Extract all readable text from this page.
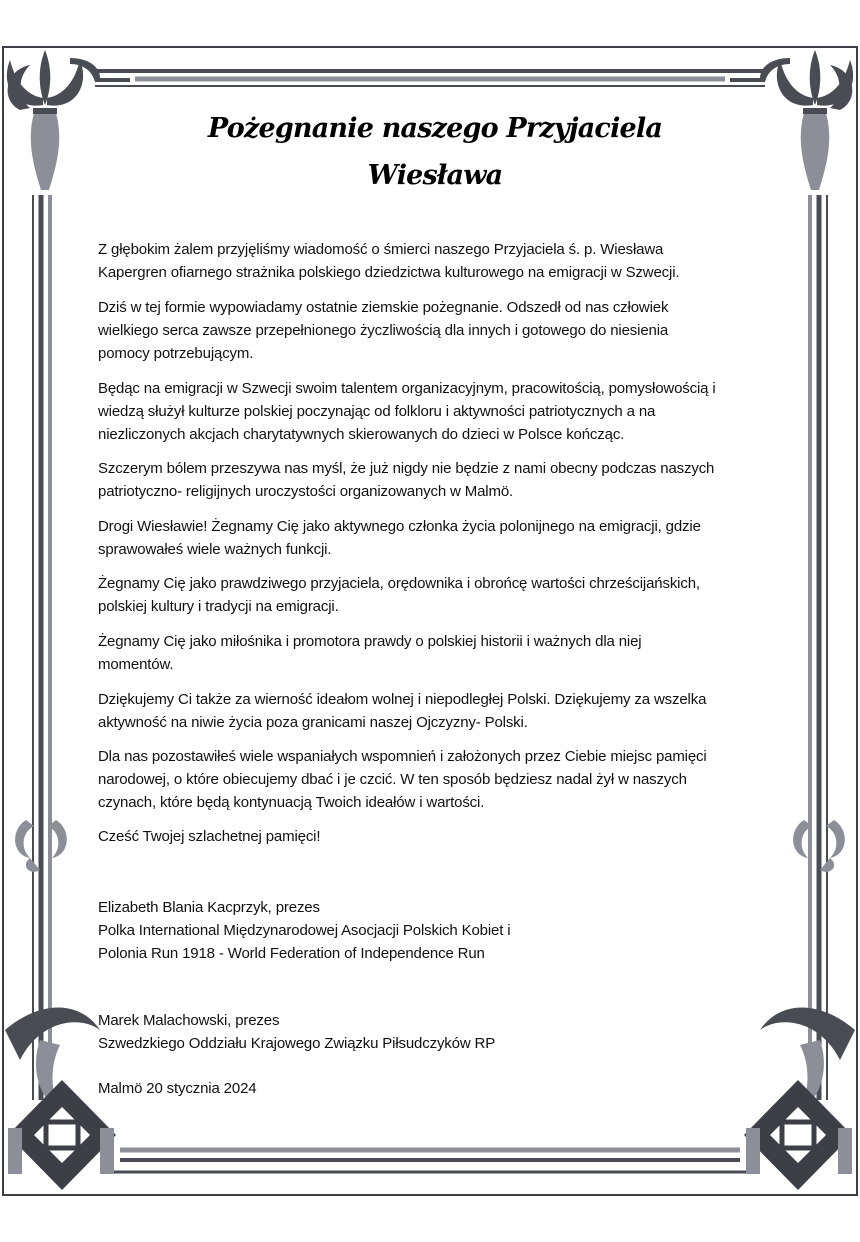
Pożegnanie naszego Przyjaciela
Wiesława
Z głębokim żalem przyjęliśmy wiadomość o śmierci naszego Przyjaciela ś. p. Wiesława
Kapergren ofiarnego strażnika polskiego dziedzictwa kulturowego na emigracji w Szwecji.
Dziś w tej formie wypowiadamy ostatnie ziemskie pożegnanie. Odszedł od nas człowiek
wielkiego serca zawsze przepełnionego życzliwością dla innych i gotowego do niesienia
pomocy potrzebującym.
Będąc na emigracji w Szwecji swoim talentem organizacyjnym, pracowitością, pomysłowością i
wiedzą służył kulturze polskiej poczynając od folkloru i aktywności patriotycznych a na
niezliczonych akcjach charytatywnych skierowanych do dzieci w Polsce kończąc.
Szczerym bólem przeszywa nas myśl, że już nigdy nie będzie z nami obecny podczas naszych
patriotyczno- religijnych uroczystości organizowanych w Malmö.
Drogi Wiesławie! Żegnamy Cię jako aktywnego członka życia polonijnego na emigracji, gdzie
sprawowałeś wiele ważnych funkcji.
Żegnamy Cię jako prawdziwego przyjaciela, orędownika i obrońcę wartości chrześcijańskich,
polskiej kultury i tradycji na emigracji.
Żegnamy Cię jako miłośnika i promotora prawdy o polskiej historii i ważnych dla niej
momentów.
Dziękujemy Ci także za wierność ideałom wolnej i niepodległej Polski. Dziękujemy za wszelka
aktywność na niwie życia poza granicami naszej Ojczyzny- Polski.
Dla nas pozostawiłeś wiele wspaniałych wspomnień i założonych przez Ciebie miejsc pamięci
narodowej, o które obiecujemy dbać i je czcić. W ten sposób będziesz nadal żył w naszych
czynach, które będą kontynuacją Twoich ideałów i wartości.
Cześć Twojej szlachetnej pamięci!
Elizabeth Blania Kacprzyk, prezes
Polka International Międzynarodowej Asocjacji Polskich Kobiet i
Polonia Run 1918 - World Federation of Independence Run
Marek Malachowski, prezes
Szwedzkiego Oddziału Krajowego Związku Piłsudczyków RP
Malmö 20 stycznia 2024
